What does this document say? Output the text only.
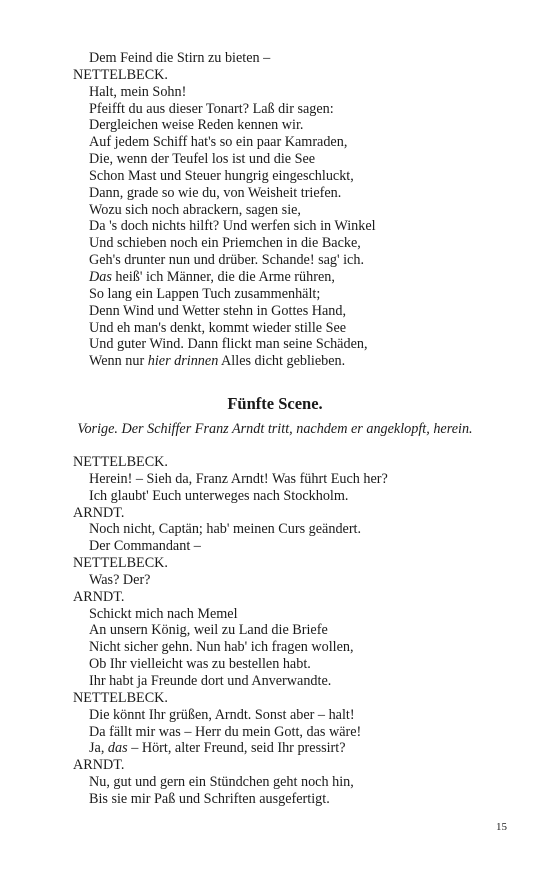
Dem Feind die Stirn zu bieten –
NETTELBECK.
Halt, mein Sohn!
Pfeifft du aus dieser Tonart? Laß dir sagen:
Dergleichen weise Reden kennen wir.
Auf jedem Schiff hat's so ein paar Kamraden,
Die, wenn der Teufel los ist und die See
Schon Mast und Steuer hungrig eingeschluckt,
Dann, grade so wie du, von Weisheit triefen.
Wozu sich noch abrackern, sagen sie,
Da 's doch nichts hilft? Und werfen sich in Winkel
Und schieben noch ein Priemchen in die Backe,
Geh's drunter nun und drüber. Schande! sag' ich.
Das heiß' ich Männer, die die Arme rühren,
So lang ein Lappen Tuch zusammenhält;
Denn Wind und Wetter stehn in Gottes Hand,
Und eh man's denkt, kommt wieder stille See
Und guter Wind. Dann flickt man seine Schäden,
Wenn nur hier drinnen Alles dicht geblieben.
Fünfte Scene.
Vorige. Der Schiffer Franz Arndt tritt, nachdem er angeklopft, herein.
NETTELBECK.
Herein! – Sieh da, Franz Arndt! Was führt Euch her?
Ich glaubt' Euch unterweges nach Stockholm.
ARNDT.
Noch nicht, Captän; hab' meinen Curs geändert.
Der Commandant –
NETTELBECK.
Was? Der?
ARNDT.
Schickt mich nach Memel
An unsern König, weil zu Land die Briefe
Nicht sicher gehn. Nun hab' ich fragen wollen,
Ob Ihr vielleicht was zu bestellen habt.
Ihr habt ja Freunde dort und Anverwandte.
NETTELBECK.
Die könnt Ihr grüßen, Arndt. Sonst aber – halt!
Da fällt mir was – Herr du mein Gott, das wäre!
Ja, das – Hört, alter Freund, seid Ihr pressirt?
ARNDT.
Nu, gut und gern ein Stündchen geht noch hin,
Bis sie mir Paß und Schriften ausgefertigt.
15
